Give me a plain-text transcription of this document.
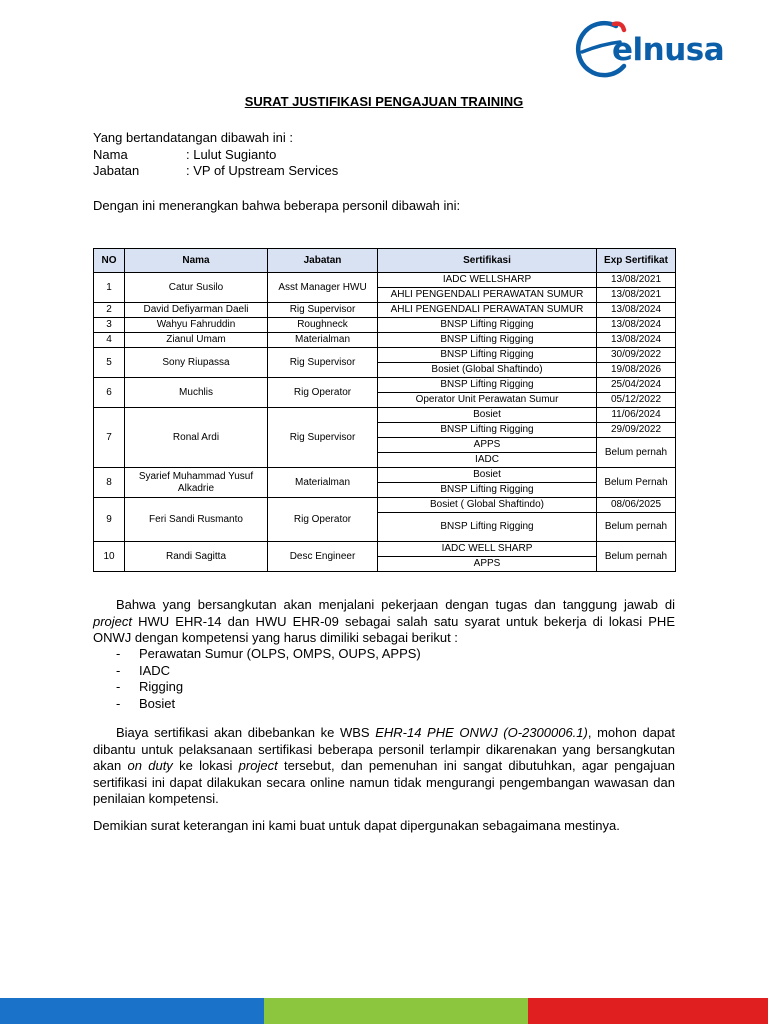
elnusa
SURAT JUSTIFIKASI PENGAJUAN TRAINING
Yang bertandatangan dibawah ini :
Nama	: Lulut Sugianto
Jabatan	: VP of Upstream Services
Dengan ini menerangkan bahwa beberapa personil dibawah ini:
NO	Nama	Jabatan	Sertifikasi	Exp Sertifikat
1	Catur Susilo	Asst Manager HWU	IADC WELLSHARP	13/08/2021
			AHLI PENGENDALI PERAWATAN SUMUR	13/08/2021
2	David Defiyarman Daeli	Rig Supervisor	AHLI PENGENDALI PERAWATAN SUMUR	13/08/2024
3	Wahyu Fahruddin	Roughneck	BNSP Lifting Rigging	13/08/2024
4	Zianul Umam	Materialman	BNSP Lifting Rigging	13/08/2024
5	Sony Riupassa	Rig Supervisor	BNSP Lifting Rigging	30/09/2022
			Bosiet (Global Shaftindo)	19/08/2026
6	Muchlis	Rig Operator	BNSP Lifting Rigging	25/04/2024
			Operator Unit Perawatan Sumur	05/12/2022
7	Ronal Ardi	Rig Supervisor	Bosiet	11/06/2024
			BNSP Lifting Rigging	29/09/2022
			APPS	Belum pernah
			IADC	
8	Syarief Muhammad Yusuf Alkadrie	Materialman	Bosiet	Belum Pernah
			BNSP Lifting Rigging	
9	Feri Sandi Rusmanto	Rig Operator	Bosiet ( Global Shaftindo)	08/06/2025
			BNSP Lifting Rigging	Belum pernah
10	Randi Sagitta	Desc Engineer	IADC WELL SHARP	Belum pernah
			APPS	
Bahwa yang bersangkutan akan menjalani pekerjaan dengan tugas dan tanggung jawab di project HWU EHR-14 dan HWU EHR-09 sebagai salah satu syarat untuk bekerja di lokasi PHE ONWJ dengan kompetensi yang harus dimiliki sebagai berikut :
-	Perawatan Sumur (OLPS, OMPS, OUPS, APPS)
-	IADC
-	Rigging
-	Bosiet
Biaya sertifikasi akan dibebankan ke WBS EHR-14 PHE ONWJ (O-2300006.1), mohon dapat dibantu untuk pelaksanaan sertifikasi beberapa personil terlampir dikarenakan yang bersangkutan akan on duty ke lokasi project tersebut, dan pemenuhan ini sangat dibutuhkan, agar pengajuan sertifikasi ini dapat dilakukan secara online namun tidak mengurangi pengembangan wawasan dan penilaian kompetensi.
Demikian surat keterangan ini kami buat untuk dapat dipergunakan sebagaimana mestinya.
